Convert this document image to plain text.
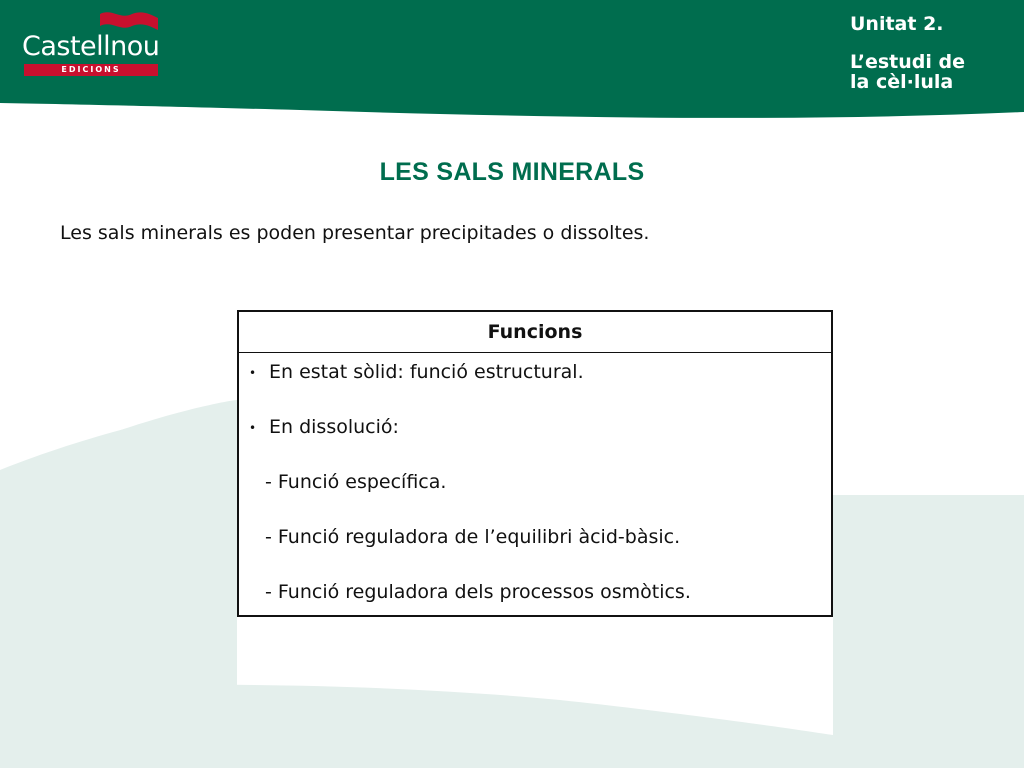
Castellnou
EDICIONS
Unitat 2.
L’estudi de
la cèl·lula
LES SALS MINERALS
Les sals minerals es poden presentar precipitades o dissoltes.
Funcions
• En estat sòlid: funció estructural.
• En dissolució:
- Funció específica.
- Funció reguladora de l’equilibri àcid-bàsic.
- Funció reguladora dels processos osmòtics.
